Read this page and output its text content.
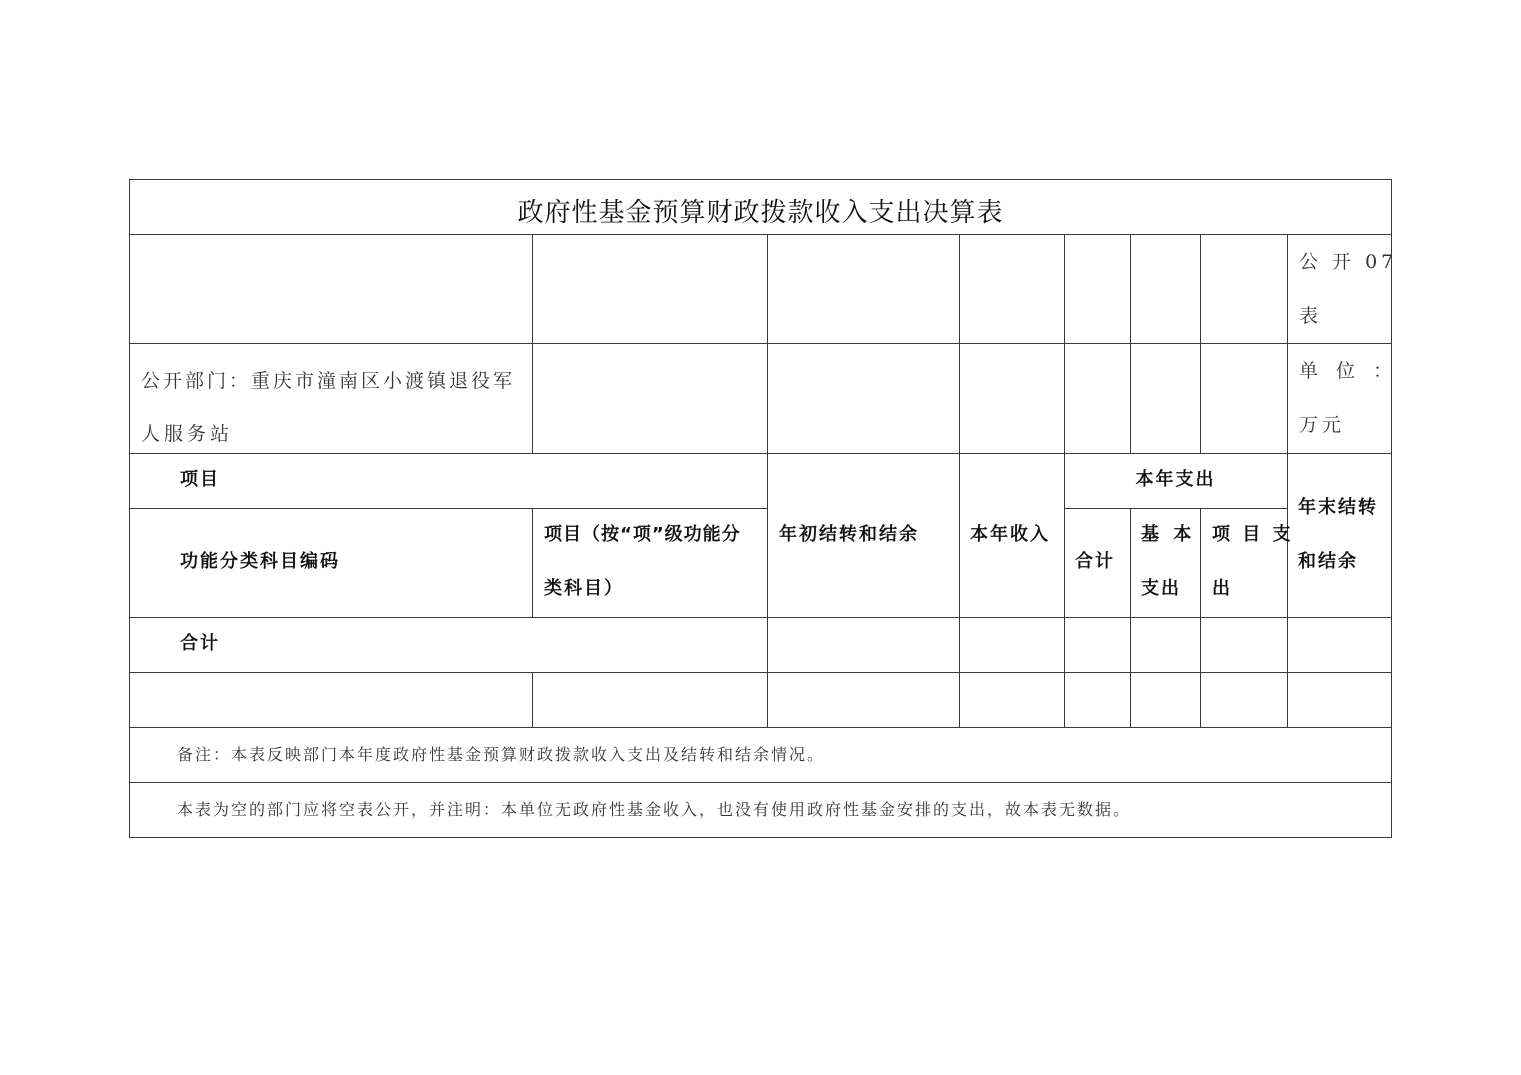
政府性基金预算财政拨款收入支出决算表
公 开 07
表
公开部门：重庆市潼南区小渡镇退役军
人服务站
单 位 ：
万元
项目
功能分类科目编码
项目（按“项”级功能分
类科目）
年初结转和结余	本年收入
本年支出
合计
基 本
支出
项 目 支
出
年末结转
和结余
合计
备注：本表反映部门本年度政府性基金预算财政拨款收入支出及结转和结余情况。
本表为空的部门应将空表公开，并注明：本单位无政府性基金收入，也没有使用政府性基金安排的支出，故本表无数据。
